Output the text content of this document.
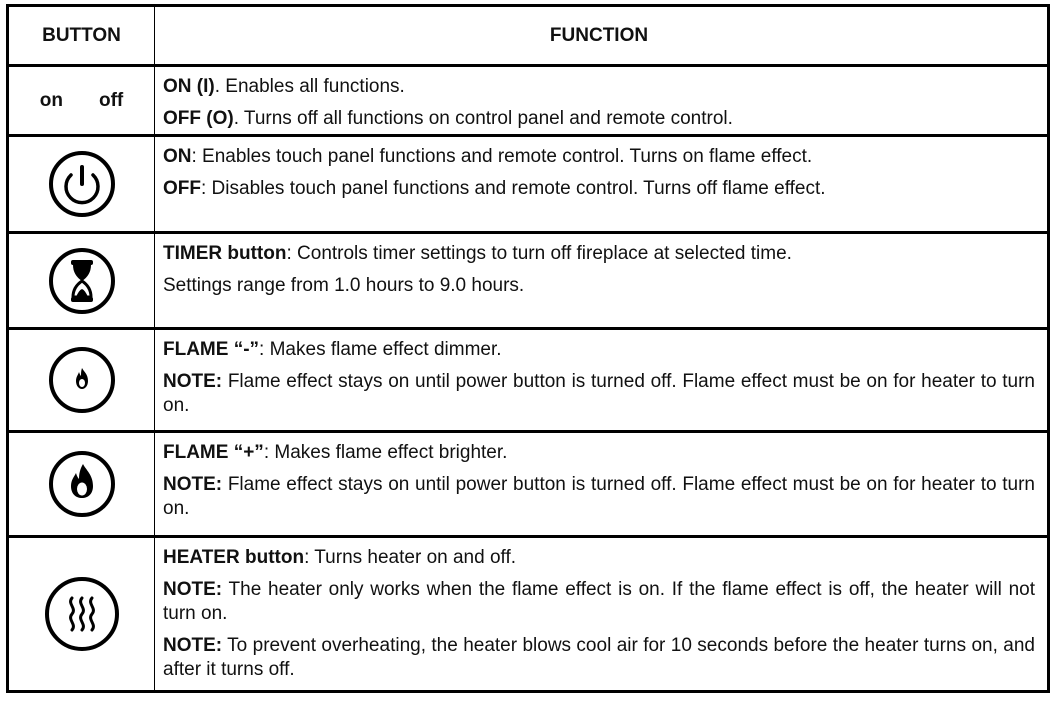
BUTTON	FUNCTION
on off

ON (I). Enables all functions.

OFF (O). Turns off all functions on control panel and remote control.

ON: Enables touch panel functions and remote control. Turns on flame effect.

OFF: Disables touch panel functions and remote control. Turns off flame effect.

TIMER button: Controls timer settings to turn off fireplace at selected time.

Settings range from 1.0 hours to 9.0 hours.

FLAME “-”: Makes flame effect dimmer.

NOTE: Flame effect stays on until power button is turned off. Flame effect must be on for heater to turn on.

FLAME “+”: Makes flame effect brighter.

NOTE: Flame effect stays on until power button is turned off. Flame effect must be on for heater to turn on.

HEATER button: Turns heater on and off.

NOTE: The heater only works when the flame effect is on. If the flame effect is off, the heater will not turn on.

NOTE: To prevent overheating, the heater blows cool air for 10 seconds before the heater turns on, and after it turns off.
